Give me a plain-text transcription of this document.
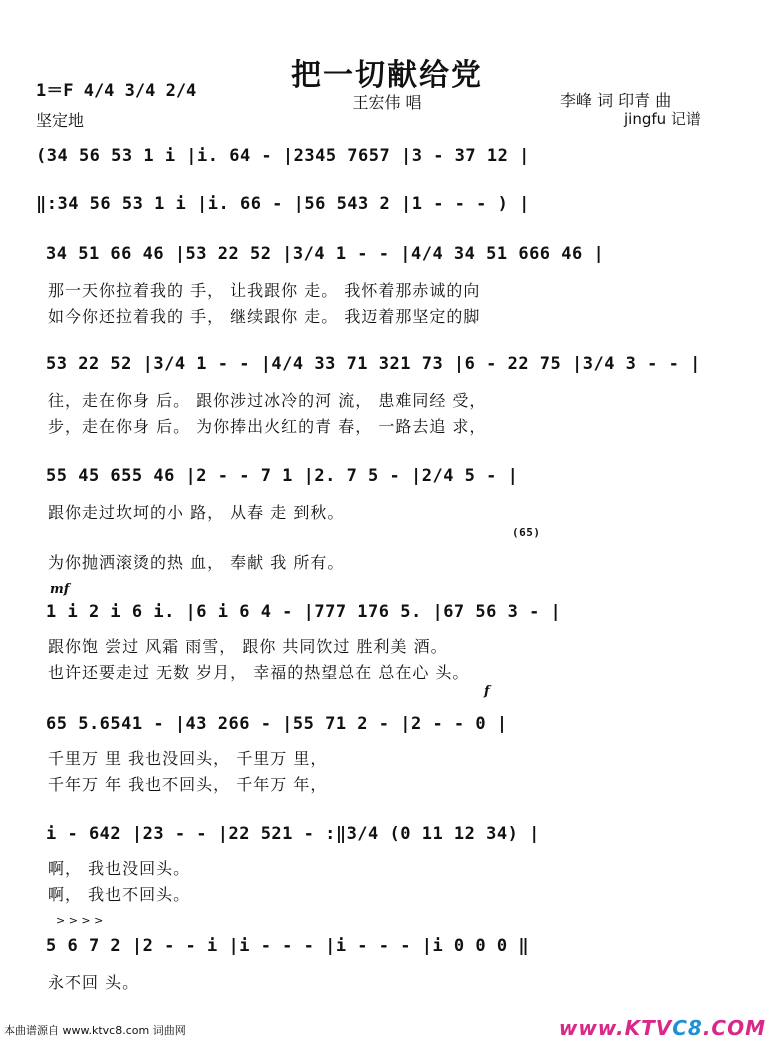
把一切献给党
王宏伟 唱
1＝F 4/4 3/4 2/4
坚定地
李峰 词 印青 曲
jingfu 记谱
(34 56 53 1 i |i. 64 - |2345 7657 |3 - 37 12 |
‖:34 56 53 1 i |i. 66 - |56 543 2 |1 - - - ) |
34 51 66 46 |53 22 52 |3/4 1 - - |4/4 34 51 666 46 |
那一天你拉着我的 手， 让我跟你 走。 我怀着那赤诚的向
如今你还拉着我的 手， 继续跟你 走。 我迈着那坚定的脚
53 22 52 |3/4 1 - - |4/4 33 71 321 73 |6 - 22 75 |3/4 3 - - |
往，走在你身 后。 跟你涉过冰冷的河 流， 患难同经 受，
步，走在你身 后。 为你捧出火红的青 春， 一路去追 求，
55 45 655 46 |2 - - 7 1 |2. 7 5 - |2/4 5 - |
跟你走过坎坷的小 路， 从春 走 到秋。
(65)
为你抛洒滚烫的热 血， 奉献 我 所有。
mf
1 i 2 i 6 i. |6 i 6 4 - |777 176 5. |67 56 3 - |
跟你饱 尝过 风霜 雨雪， 跟你 共同饮过 胜利美 酒。
也许还要走过 无数 岁月， 幸福的热望总在 总在心 头。
f
65 5.6541 - |43 266 - |55 71 2 - |2 - - 0 |
千里万 里 我也没回头， 千里万 里，
千年万 年 我也不回头， 千年万 年，
i - 642 |23 - - |22 521 - :‖3/4 (0 11 12 34) |
啊， 我也没回头。
啊， 我也不回头。
> > > >
5 6 7 2 |2 - - i |i - - - |i - - - |i 0 0 0 ‖
永不回 头。
本曲谱源自 www.ktvc8.com 词曲网	www.KTVC8.COM
